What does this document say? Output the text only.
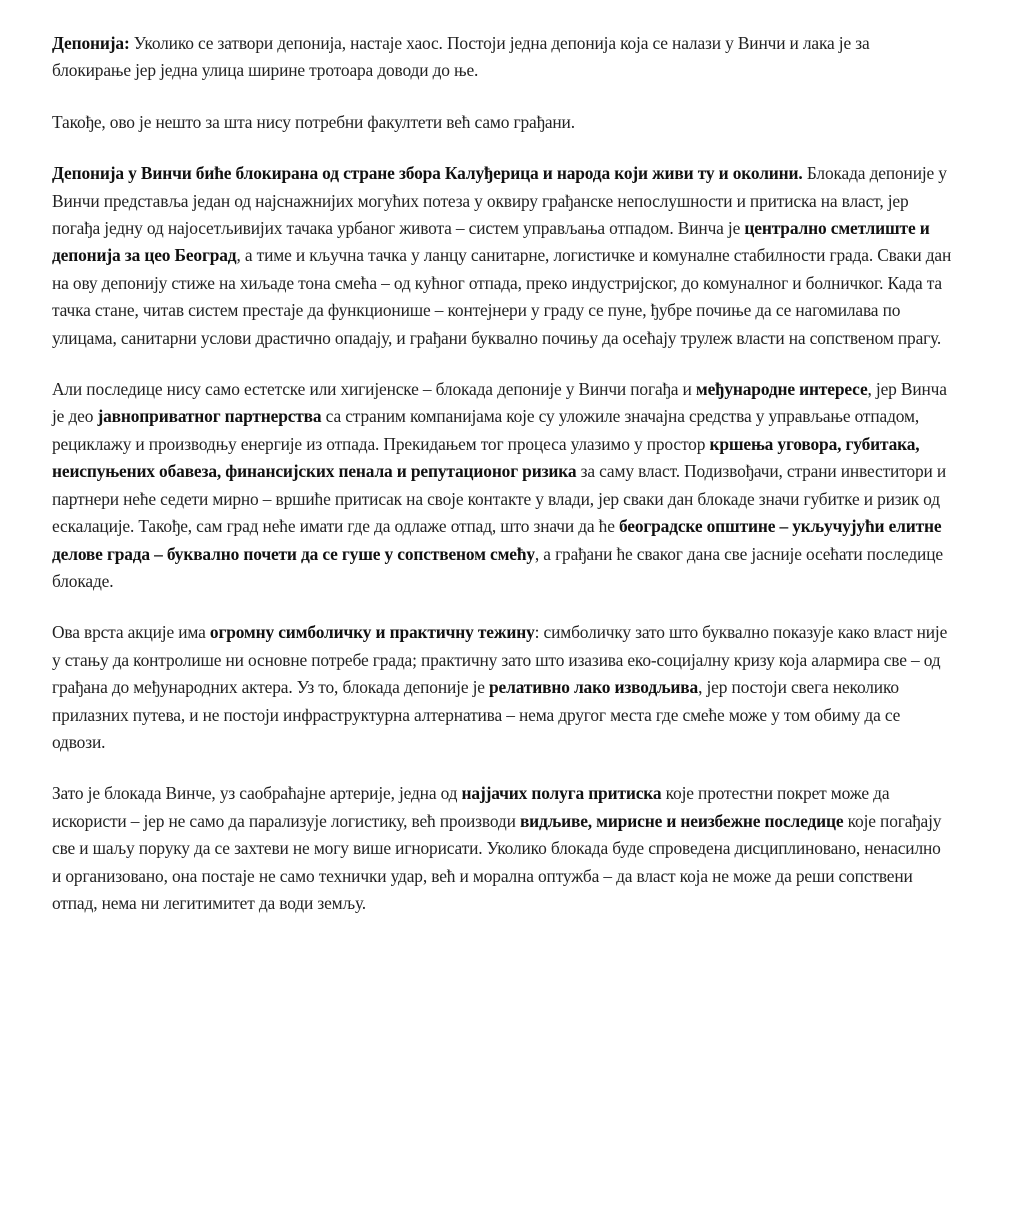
Депонија: Уколико се затвори депонија, настаје хаос. Постоји једна депонија која се налази у Винчи и лака је за блокирање јер једна улица ширине тротоара доводи до ње.

Такође, ово је нешто за шта нису потребни факултети већ само грађани.

Депонија у Винчи биће блокирана од стране збора Калуђерица и народа који живи ту и околини. Блокада депоније у Винчи представља један од најснажнијих могућих потеза у оквиру грађанске непослушности и притиска на власт, јер погађа једну од најосетљивијих тачака урбаног живота – систем управљања отпадом. Винча је централно сметлиште и депонија за цео Београд, а тиме и кључна тачка у ланцу санитарне, логистичке и комуналне стабилности града. Сваки дан на ову депонију стиже на хиљаде тона смећа – од кућног отпада, преко индустријског, до комуналног и болничког. Када та тачка стане, читав систем престаје да функционише – контејнери у граду се пуне, ђубре почиње да се нагомилава по улицама, санитарни услови драстично опадају, и грађани буквално почињу да осећају трулеж власти на сопственом прагу.

Али последице нису само естетске или хигијенске – блокада депоније у Винчи погађа и међународне интересе, јер Винча је део јавноприватног партнерства са страним компанијама које су уложиле значајна средства у управљање отпадом, рециклажу и производњу енергије из отпада. Прекидањем тог процеса улазимо у простор кршења уговора, губитака, неиспуњених обавеза, финансијских пенала и репутационог ризика за саму власт. Подизвођачи, страни инвеститори и партнери неће седети мирно – вршиће притисак на своје контакте у влади, јер сваки дан блокаде значи губитке и ризик од ескалације. Такође, сам град неће имати где да одлаже отпад, што значи да ће београдске општине – укључујући елитне делове града – буквално почети да се гуше у сопственом смећу, а грађани ће сваког дана све јасније осећати последице блокаде.

Ова врста акције има огромну симболичку и практичну тежину: симболичку зато што буквално показује како власт није у стању да контролише ни основне потребе града; практичну зато што изазива еко-социјалну кризу која алармира све – од грађана до међународних актера. Уз то, блокада депоније је релативно лако изводљива, јер постоји свега неколико прилазних путева, и не постоји инфраструктурна алтернатива – нема другог места где смеће може у том обиму да се одвози.

Зато је блокада Винче, уз саобраћајне артерије, једна од најјачих полуга притиска које протестни покрет може да искористи – јер не само да парализује логистику, већ производи видљиве, мирисне и неизбежне последице које погађају све и шаљу поруку да се захтеви не могу више игнорисати. Уколико блокада буде спроведена дисциплиновано, ненасилно и организовано, она постаје не само технички удар, већ и морална оптужба – да власт која не може да реши сопствени отпад, нема ни легитимитет да води земљу.
